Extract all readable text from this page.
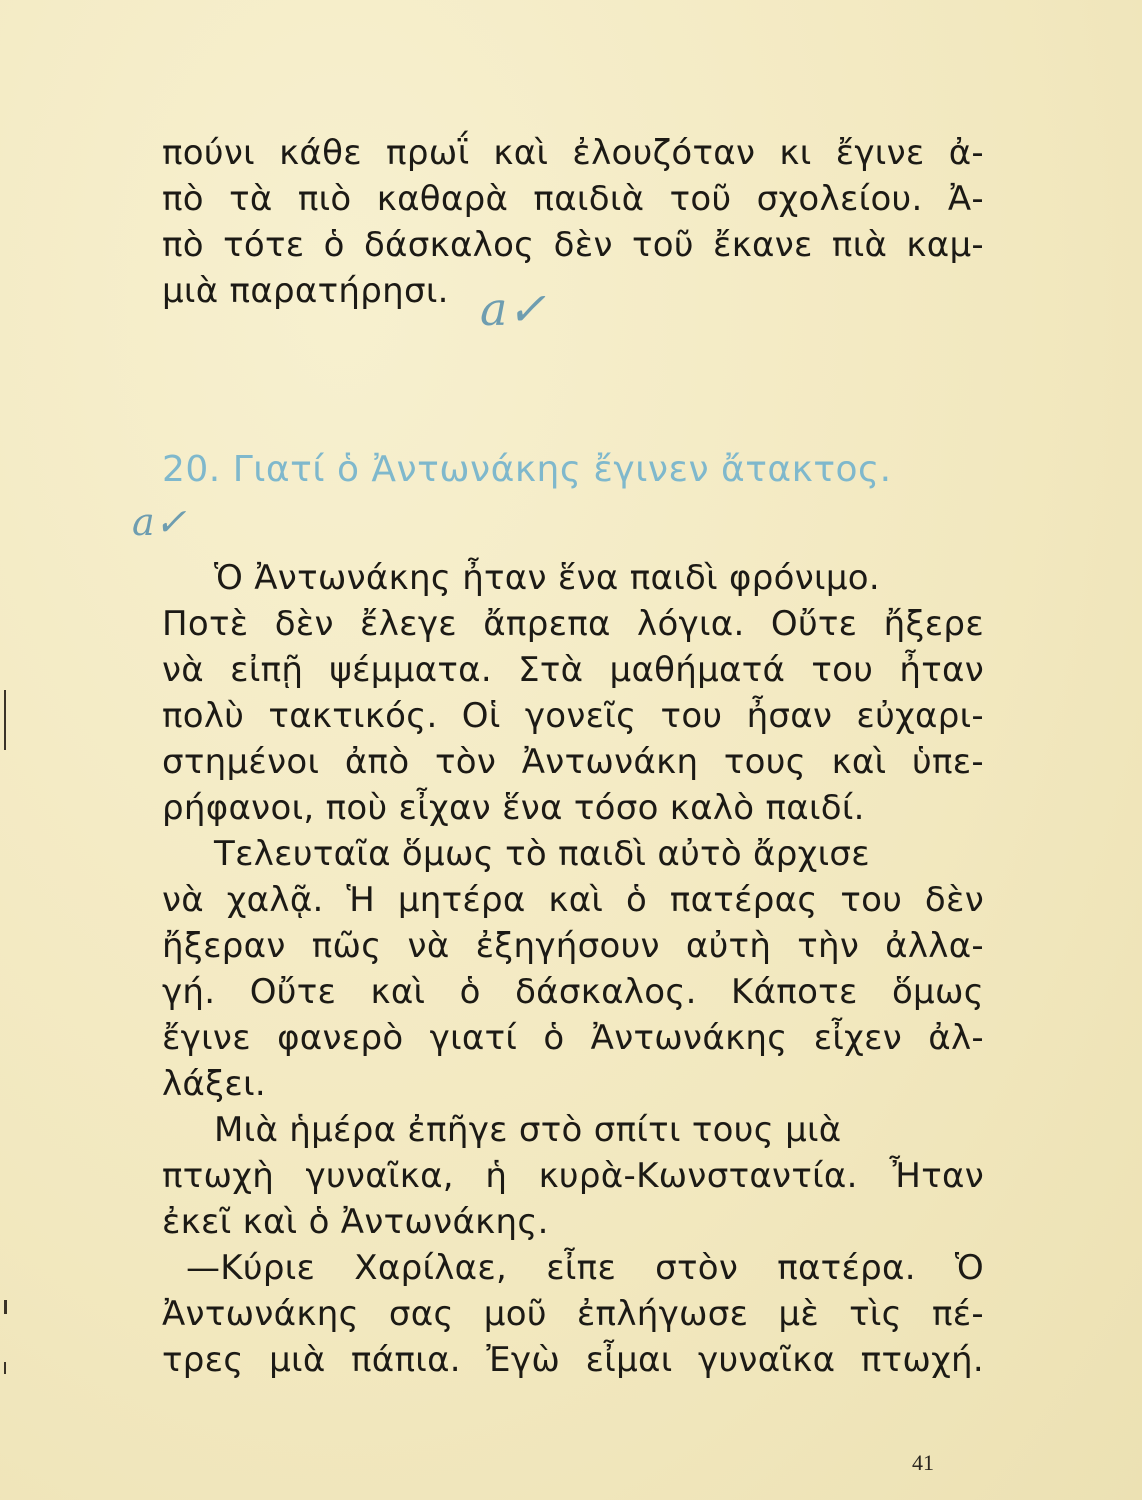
πούνι κάθε πρωΐ καὶ ἐλουζόταν κι ἔγινε ἀ-
πὸ τὰ πιὸ καθαρὰ παιδιὰ τοῦ σχολείου. Ἀ-
πὸ τότε ὁ δάσκαλος δὲν τοῦ ἔκανε πιὰ καμ-
μιὰ παρατήρησι. a✓
20. Γιατί ὁ Ἀντωνάκης ἔγινεν ἄτακτος.
a✓
Ὁ Ἀντωνάκης ἦταν ἕνα παιδὶ φρόνιμο.
Ποτὲ δὲν ἔλεγε ἄπρεπα λόγια. Οὔτε ἤξερε
νὰ εἰπῇ ψέμματα. Στὰ μαθήματά του ἦταν
πολὺ τακτικός. Οἱ γονεῖς του ἦσαν εὐχαρι-
στημένοι ἀπὸ τὸν Ἀντωνάκη τους καὶ ὑπε-
ρήφανοι, ποὺ εἶχαν ἕνα τόσο καλὸ παιδί.
Τελευταῖα ὅμως τὸ παιδὶ αὐτὸ ἄρχισε
νὰ χαλᾷ. Ἡ μητέρα καὶ ὁ πατέρας του δὲν
ἤξεραν πῶς νὰ ἐξηγήσουν αὐτὴ τὴν ἀλλα-
γή. Οὔτε καὶ ὁ δάσκαλος. Κάποτε ὅμως
ἔγινε φανερὸ γιατί ὁ Ἀντωνάκης εἶχεν ἀλ-
λάξει.
Μιὰ ἡμέρα ἐπῆγε στὸ σπίτι τους μιὰ
πτωχὴ γυναῖκα, ἡ κυρὰ-Κωνσταντία. Ἦταν
ἐκεῖ καὶ ὁ Ἀντωνάκης.
—Κύριε Χαρίλαε, εἶπε στὸν πατέρα. Ὁ
Ἀντωνάκης σας μοῦ ἐπλήγωσε μὲ τὶς πέ-
τρες μιὰ πάπια. Ἐγὼ εἶμαι γυναῖκα πτωχή.
41
